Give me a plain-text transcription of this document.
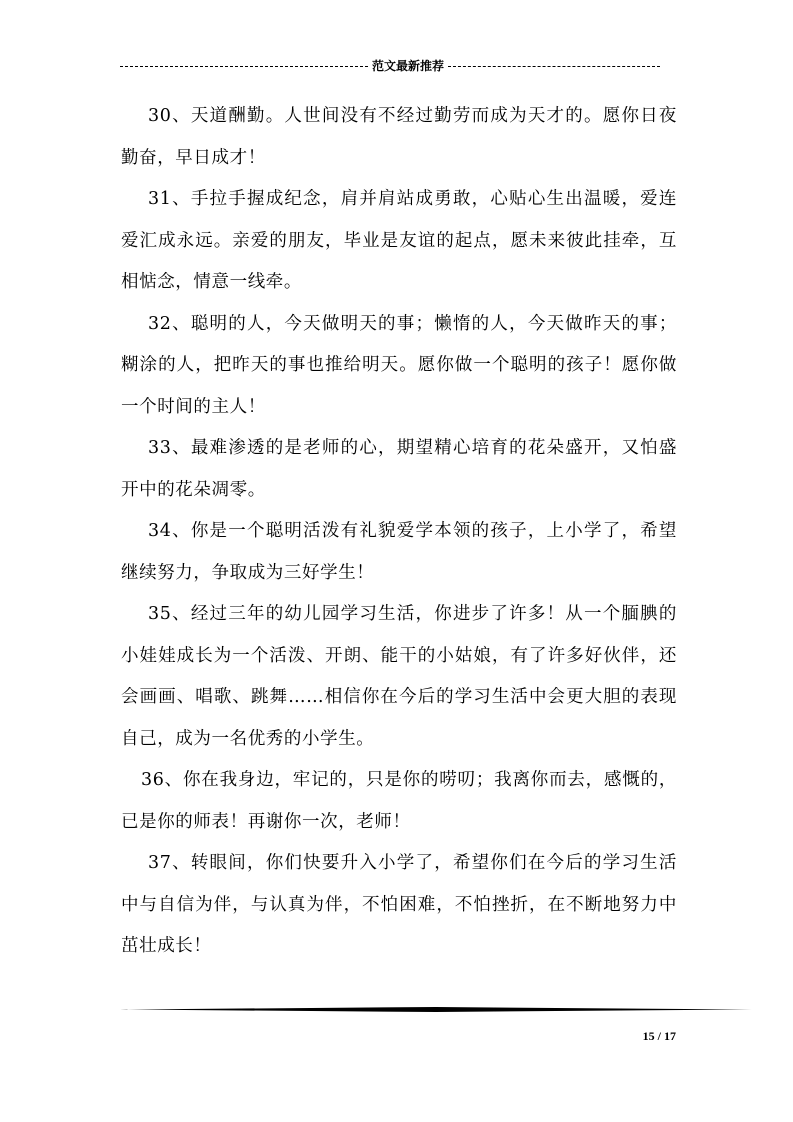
范文最新推荐

30、天道酬勤。人世间没有不经过勤劳而成为天才的。愿你日夜勤奋，早日成才！

31、手拉手握成纪念，肩并肩站成勇敢，心贴心生出温暖，爱连爱汇成永远。亲爱的朋友，毕业是友谊的起点，愿未来彼此挂牵，互相惦念，情意一线牵。

32、聪明的人，今天做明天的事；懒惰的人，今天做昨天的事；糊涂的人，把昨天的事也推给明天。愿你做一个聪明的孩子！愿你做一个时间的主人！

33、最难渗透的是老师的心，期望精心培育的花朵盛开，又怕盛开中的花朵凋零。

34、你是一个聪明活泼有礼貌爱学本领的孩子，上小学了，希望继续努力，争取成为三好学生！

35、经过三年的幼儿园学习生活，你进步了许多！从一个腼腆的小娃娃成长为一个活泼、开朗、能干的小姑娘，有了许多好伙伴，还会画画、唱歌、跳舞……相信你在今后的学习生活中会更大胆的表现自己，成为一名优秀的小学生。

36、你在我身边，牢记的，只是你的唠叨；我离你而去，感慨的，已是你的师表！再谢你一次，老师！

37、转眼间，你们快要升入小学了，希望你们在今后的学习生活中与自信为伴，与认真为伴，不怕困难，不怕挫折，在不断地努力中茁壮成长！

15 / 17
